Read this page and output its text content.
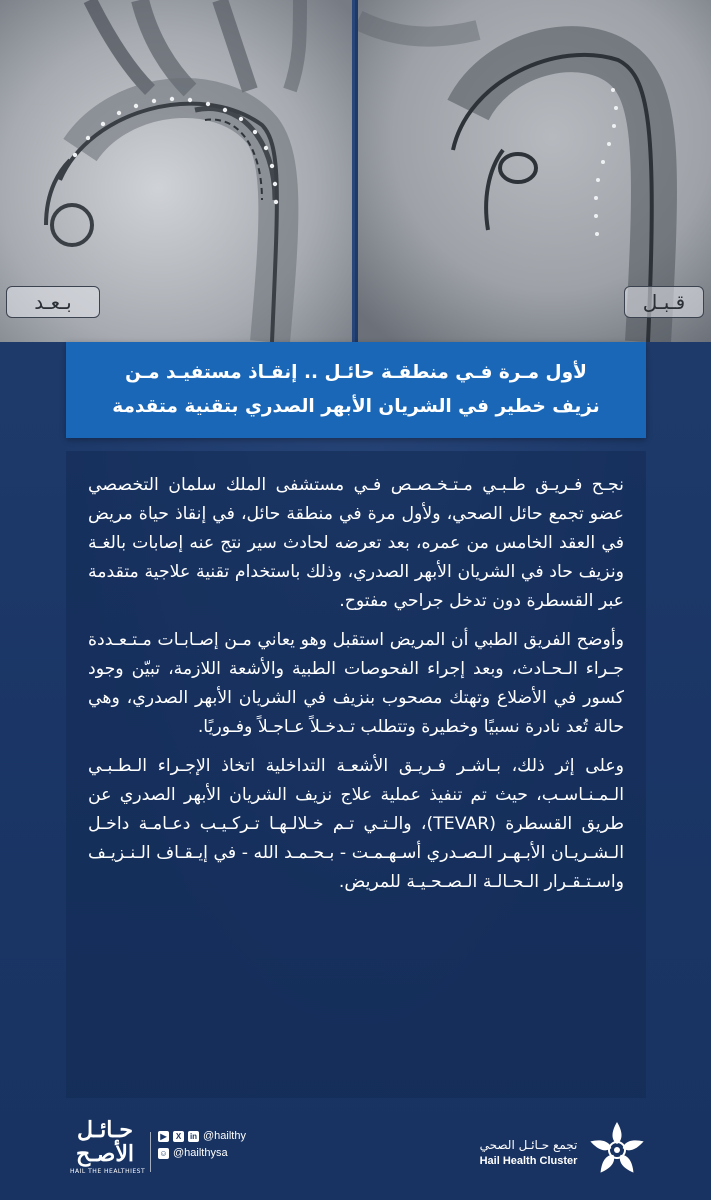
بـعـد	قـبـل
لأول مـرة فـي منطقـة حائـل .. إنقـاذ مستفيـد مـن
نزيف خطير في الشريان الأبهر الصدري بتقنية متقدمة

نجـح فـريـق طـبـي مـتـخـصـص فـي مستشفى الملك سلمان التخصصي عضو تجمع حائل الصحي، ولأول مرة في منطقة حائل، في إنقاذ حياة مريض في العقد الخامس من عمره، بعد تعرضه لحادث سير نتج عنه إصابات بالغـة ونزيف حاد في الشريان الأبهر الصدري، وذلك باستخدام تقنية علاجية متقدمة عبر القسطرة دون تدخل جراحي مفتوح.

وأوضح الفريق الطبي أن المريض استقبل وهو يعاني مـن إصـابـات مـتـعـددة جـراء الـحـادث، وبعد إجراء الفحوصات الطبية والأشعة اللازمة، تبيّن وجود كسور في الأضلاع وتهتك مصحوب بنزيف في الشريان الأبهر الصدري، وهي حالة تُعد نادرة نسبيًا وخطيرة وتتطلب تـدخـلاً عـاجـلاً وفـوريًا.

وعلى إثر ذلك، بـاشـر فـريـق الأشعـة التداخلية اتخاذ الإجـراء الـطـبـي الـمـنـاسـب، حيث تم تنفيذ عملية علاج نزيف الشريان الأبهر الصدري عن طريق القسطرة (TEVAR)، والـتـي تـم خـلالـهـا تـركـيـب دعـامـة داخـل الـشـريـان الأبـهـر الـصـدري أسـهـمـت - بـحـمـد الله - في إيـقـاف الـنـزيـف واسـتـقـرار الـحـالـة الـصـحـيـة للمريض.

حـائـل الأصـح
HAIL THE HEALTHIEST
▶	X	in @hailthy
☺ @hailthysa
تجمع حـائـل الصحي
Hail Health Cluster
